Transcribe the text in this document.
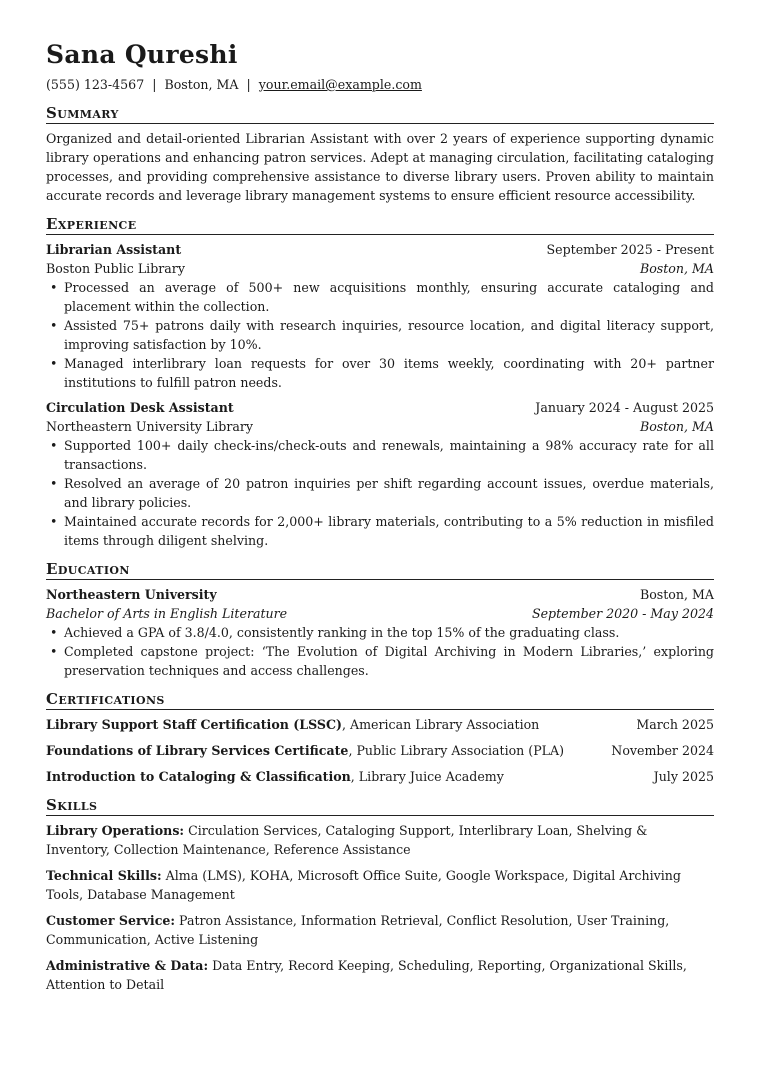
Sana Qureshi
(555) 123-4567 | Boston, MA | your.email@example.com
Summary

Organized and detail-oriented Librarian Assistant with over 2 years of experience supporting dynamic library operations and enhancing patron services. Adept at managing circulation, facilitating cataloging processes, and providing comprehensive assistance to diverse library users. Proven ability to maintain accurate records and leverage library management systems to ensure efficient resource accessibility.

Experience
Librarian Assistant	September 2025 - Present
Boston Public Library	Boston, MA
• Processed an average of 500+ new acquisitions monthly, ensuring accurate cataloging and placement within the collection.
• Assisted 75+ patrons daily with research inquiries, resource location, and digital literacy support, improving satisfaction by 10%.
• Managed interlibrary loan requests for over 30 items weekly, coordinating with 20+ partner institutions to fulfill patron needs.
Circulation Desk Assistant	January 2024 - August 2025
Northeastern University Library	Boston, MA
• Supported 100+ daily check-ins/check-outs and renewals, maintaining a 98% accuracy rate for all transactions.
• Resolved an average of 20 patron inquiries per shift regarding account issues, overdue materials, and library policies.
• Maintained accurate records for 2,000+ library materials, contributing to a 5% reduction in misfiled items through diligent shelving.
Education
Northeastern University	Boston, MA
Bachelor of Arts in English Literature	September 2020 - May 2024
• Achieved a GPA of 3.8/4.0, consistently ranking in the top 15% of the graduating class.
• Completed capstone project: ‘The Evolution of Digital Archiving in Modern Libraries,’ exploring preservation techniques and access challenges.
Certifications
Library Support Staff Certification (LSSC), American Library Association	March 2025
Foundations of Library Services Certificate, Public Library Association (PLA)	November 2024
Introduction to Cataloging & Classification, Library Juice Academy	July 2025
Skills
Library Operations: Circulation Services, Cataloging Support, Interlibrary Loan, Shelving & Inventory, Collection Maintenance, Reference Assistance
Technical Skills: Alma (LMS), KOHA, Microsoft Office Suite, Google Workspace, Digital Archiving Tools, Database Management
Customer Service: Patron Assistance, Information Retrieval, Conflict Resolution, User Training, Communication, Active Listening
Administrative & Data: Data Entry, Record Keeping, Scheduling, Reporting, Organizational Skills, Attention to Detail
